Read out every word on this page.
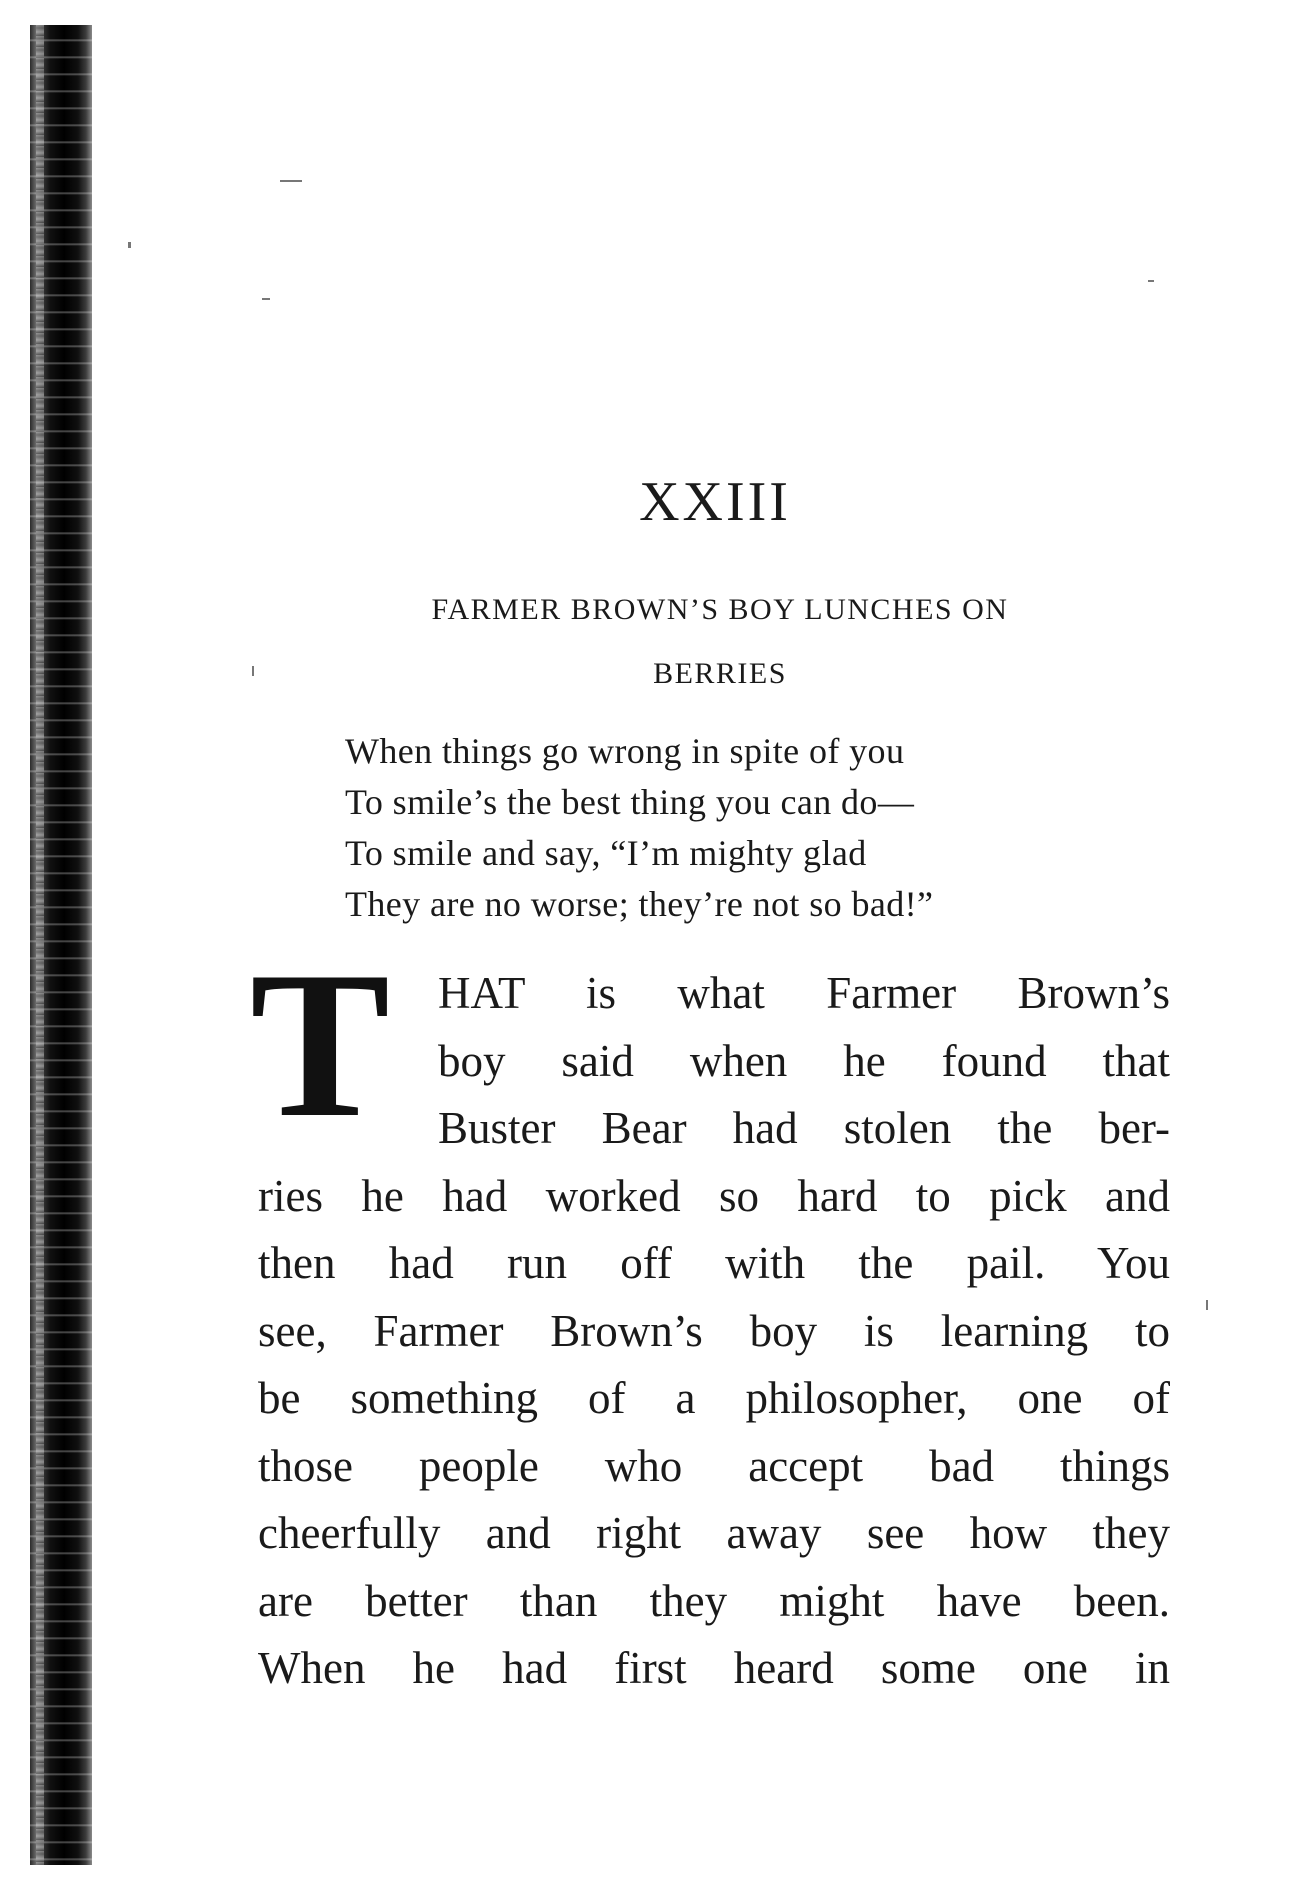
XXIII
FARMER BROWN’S BOY LUNCHES ON
BERRIES
When things go wrong in spite of you
To smile’s the best thing you can do—
To smile and say, “I’m mighty glad
They are no worse; they’re not so bad!”
T	HAT is what Farmer Brown’s
boy said when he found that
Buster Bear had stolen the ber-
ries he had worked so hard to pick and
then had run off with the pail. You
see, Farmer Brown’s boy is learning to
be something of a philosopher, one of
those people who accept bad things
cheerfully and right away see how they
are better than they might have been.
When he had first heard some one in
